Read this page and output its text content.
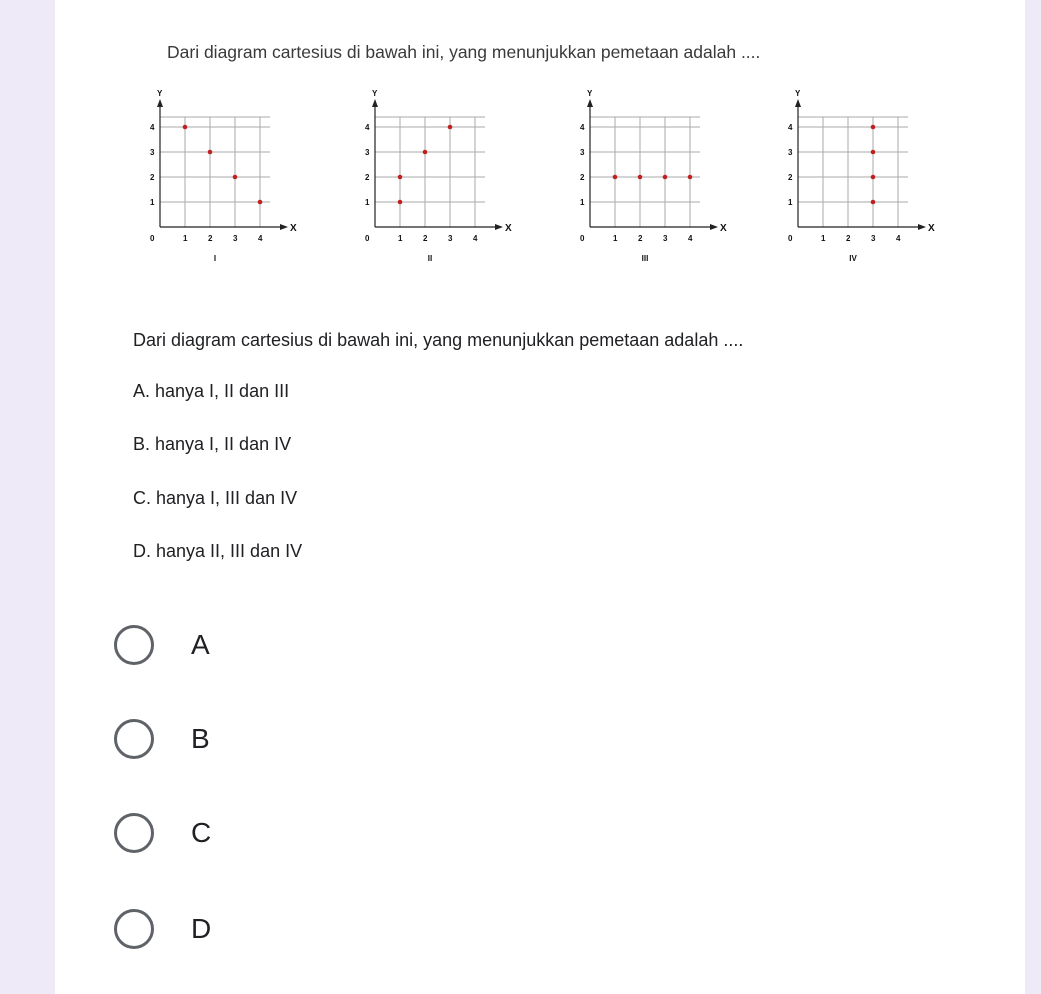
Dari diagram cartesius di bawah ini, yang menunjukkan pemetaan adalah ....
X
Y
0	1	2	3	4
1
2
3
4
I
X
Y
0	1	2	3	4
1
2
3
4
II
X
Y
0	1	2	3	4
1
2
3
4
III
X
Y
0	1	2	3	4
1
2
3
4
IV
Dari diagram cartesius di bawah ini, yang menunjukkan pemetaan adalah ....
A. hanya I, II dan III
B. hanya I, II dan IV
C. hanya I, III dan IV
D. hanya II, III dan IV
A
B
C
D
